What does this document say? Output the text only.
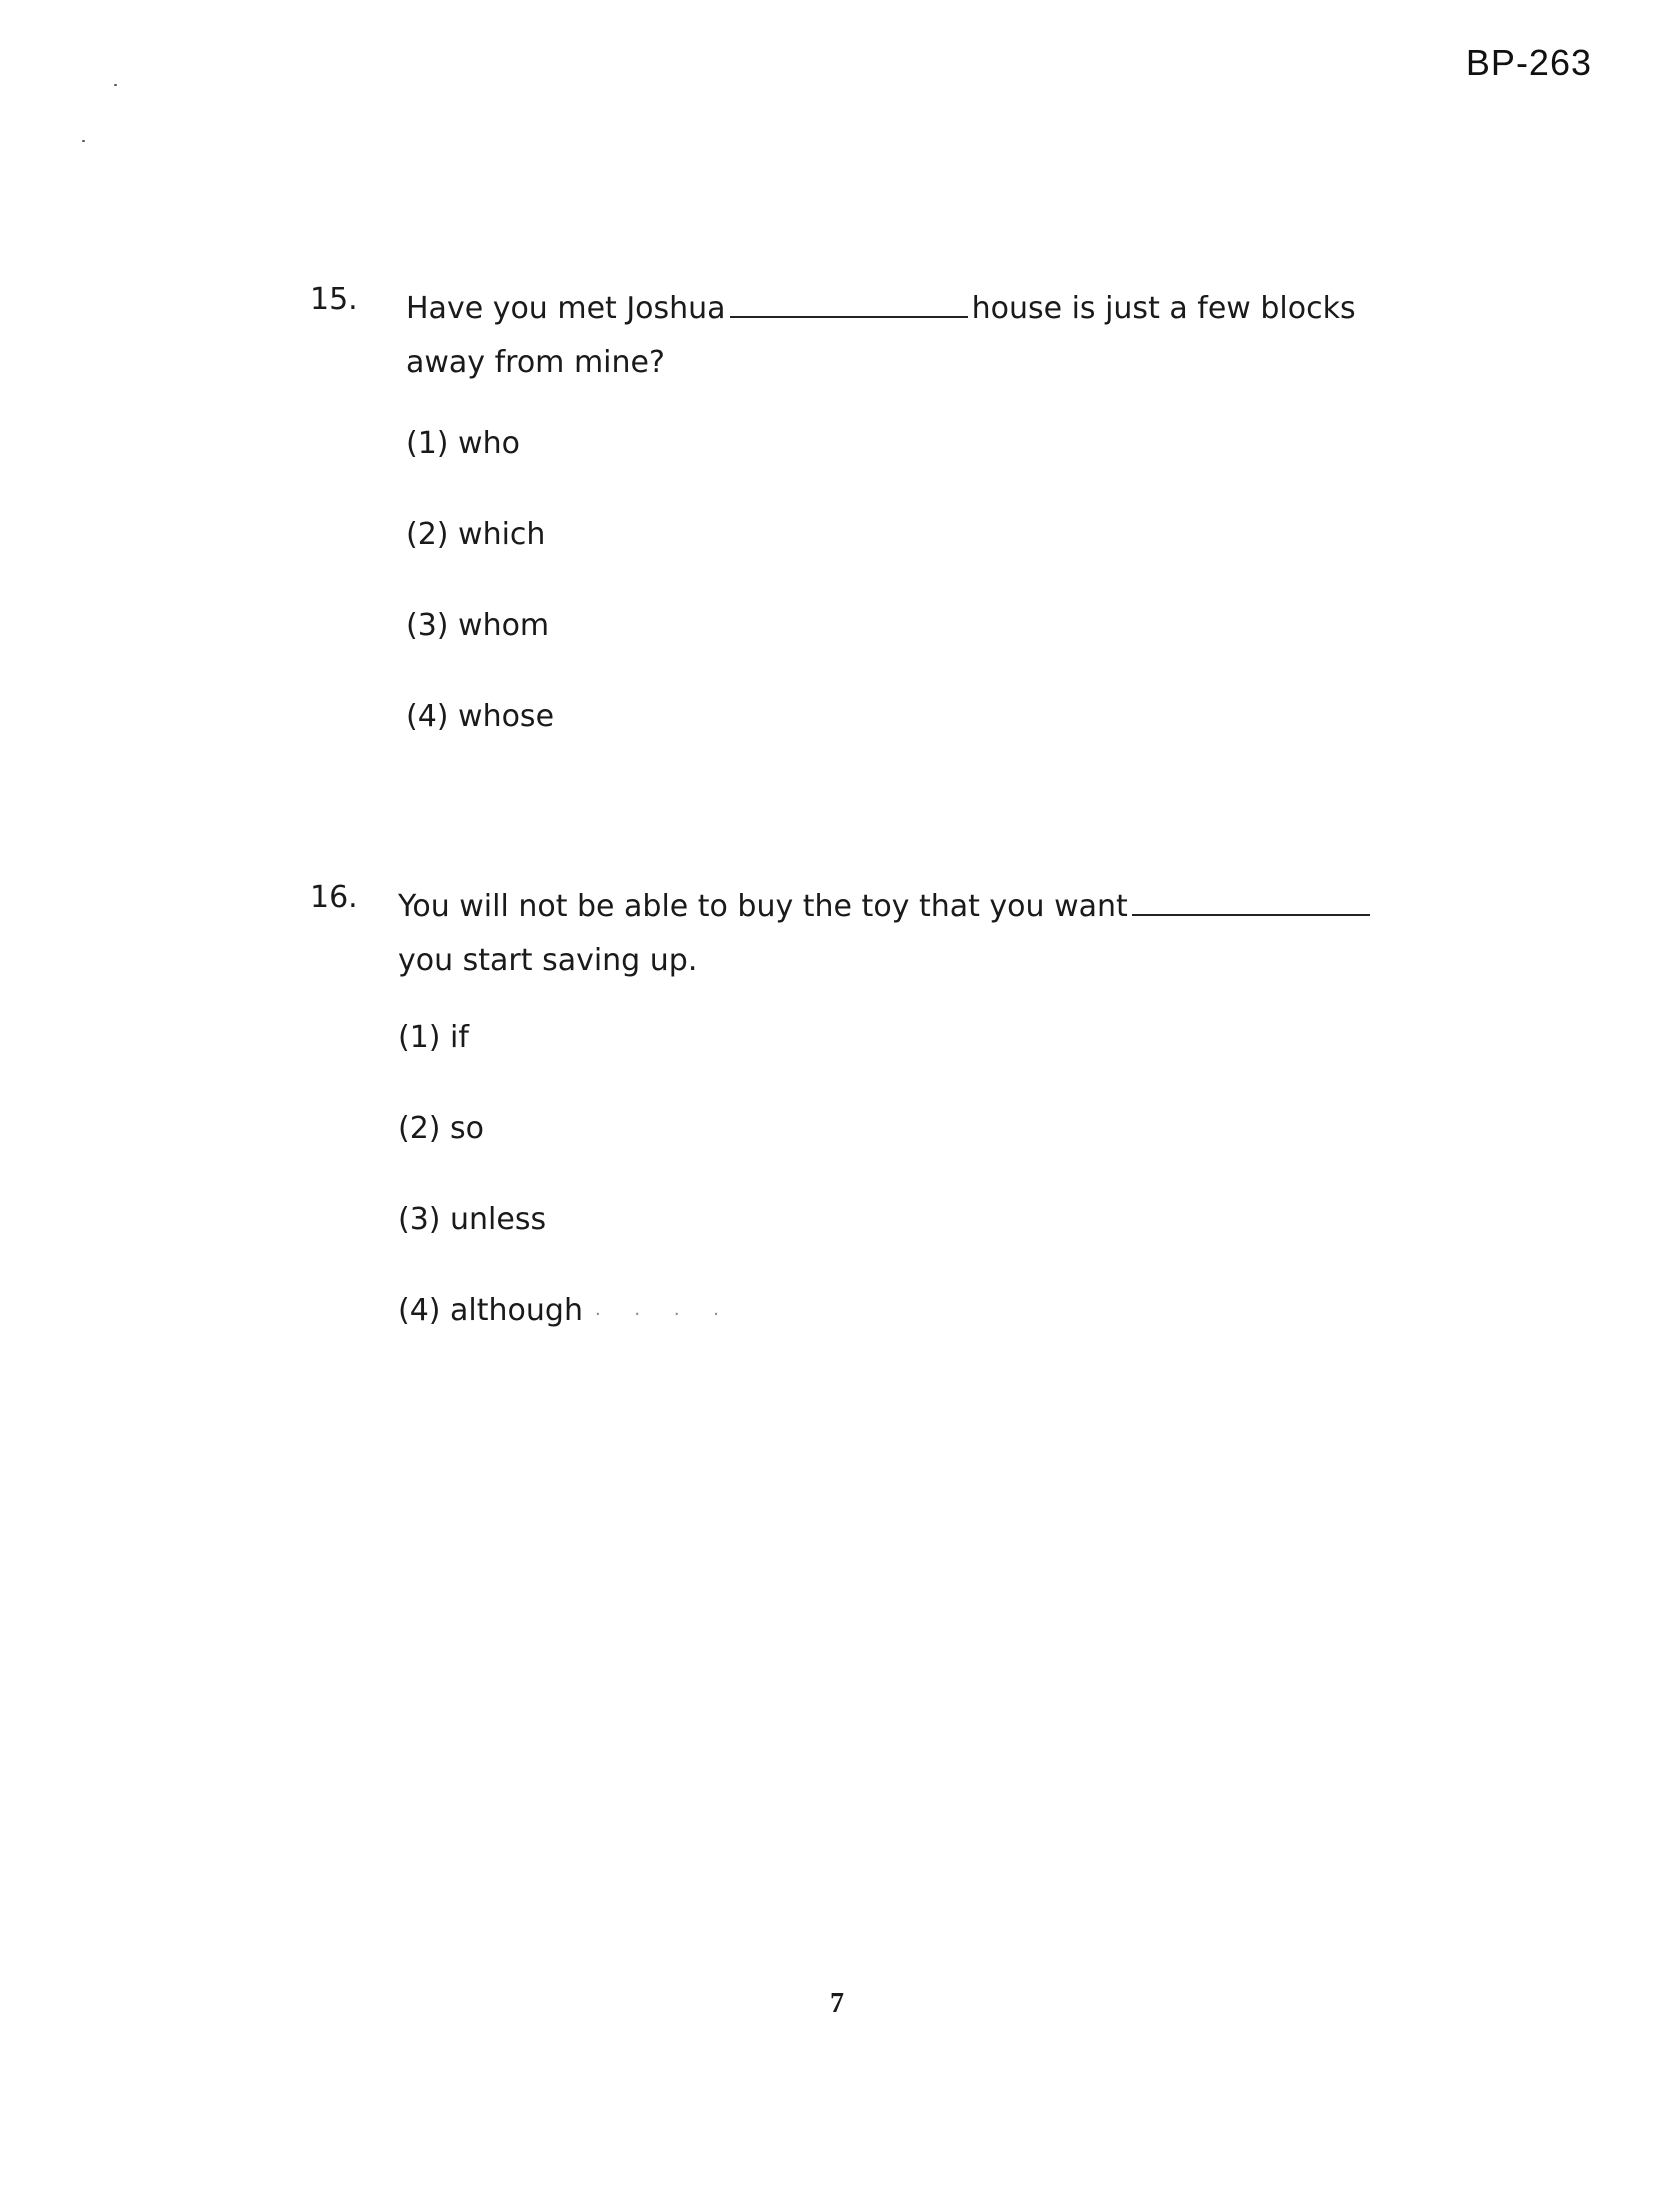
BP-263
15. Have you met Joshua	house is just a few blocks away from mine?
(1) who
(2) which
(3) whom
(4) whose
16. You will not be able to buy the toy that you wantyou start saving up.
(1) if
(2) so
(3) unless
(4) although · · · ·
7
